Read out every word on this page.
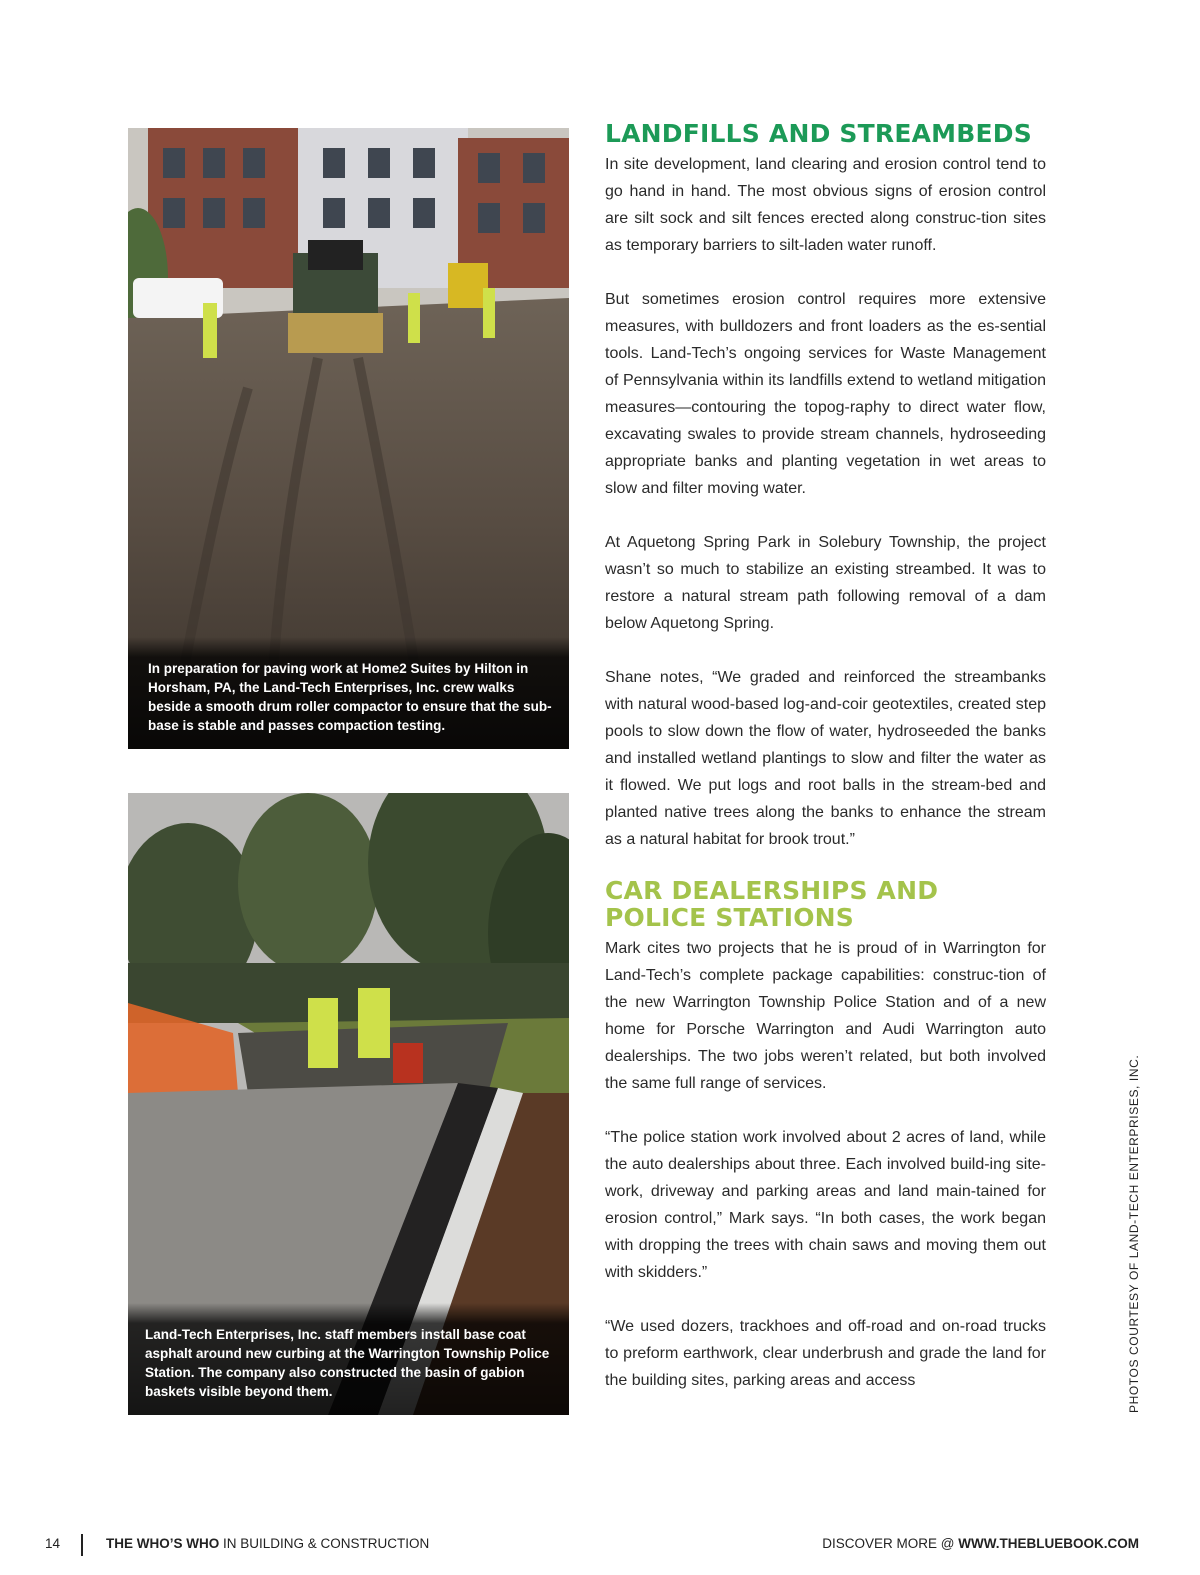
In preparation for paving work at Home2 Suites by Hilton in Horsham, PA, the Land-Tech Enterprises, Inc. crew walks beside a smooth drum roller compactor to ensure that the sub-base is stable and passes compaction testing.
Land-Tech Enterprises, Inc. staff members install base coat asphalt around new curbing at the Warrington Township Police Station. The company also constructed the basin of gabion baskets visible beyond them.
LANDFILLS AND STREAMBEDS

In site development, land clearing and erosion control tend to go hand in hand. The most obvious signs of erosion control are silt sock and silt fences erected along construc-tion sites as temporary barriers to silt-laden water runoff.

But sometimes erosion control requires more extensive measures, with bulldozers and front loaders as the es-sential tools. Land-Tech’s ongoing services for Waste Management of Pennsylvania within its landfills extend to wetland mitigation measures—contouring the topog-raphy to direct water flow, excavating swales to provide stream channels, hydroseeding appropriate banks and planting vegetation in wet areas to slow and filter moving water.

At Aquetong Spring Park in Solebury Township, the project wasn’t so much to stabilize an existing streambed. It was to restore a natural stream path following removal of a dam below Aquetong Spring.

Shane notes, “We graded and reinforced the streambanks with natural wood-based log-and-coir geotextiles, created step pools to slow down the flow of water, hydroseeded the banks and installed wetland plantings to slow and filter the water as it flowed. We put logs and root balls in the stream-bed and planted native trees along the banks to enhance the stream as a natural habitat for brook trout.”

CAR DEALERSHIPS AND
POLICE STATIONS

Mark cites two projects that he is proud of in Warrington for Land-Tech’s complete package capabilities: construc-tion of the new Warrington Township Police Station and of a new home for Porsche Warrington and Audi Warrington auto dealerships. The two jobs weren’t related, but both involved the same full range of services.

“The police station work involved about 2 acres of land, while the auto dealerships about three. Each involved build-ing site-work, driveway and parking areas and land main-tained for erosion control,” Mark says. “In both cases, the work began with dropping the trees with chain saws and moving them out with skidders.”

“We used dozers, trackhoes and off-road and on-road trucks to preform earthwork, clear underbrush and grade the land for the building sites, parking areas and access	PHOTOS COURTESY OF LAND-TECH ENTERPRISES, INC.
14	THE WHO’S WHO IN BUILDING & CONSTRUCTION	DISCOVER MORE @ WWW.THEBLUEBOOK.COM
